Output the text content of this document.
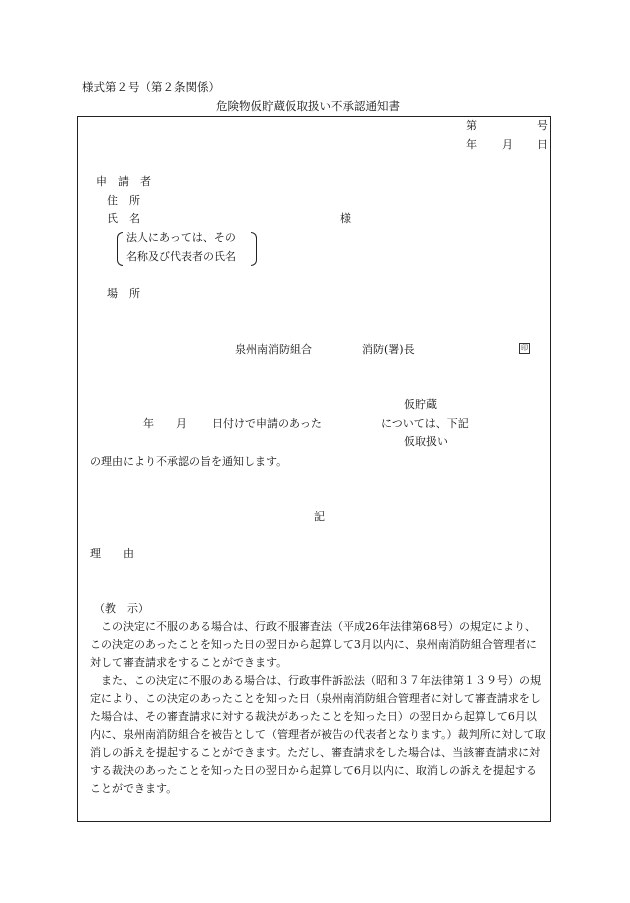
様式第２号（第２条関係）
危険物仮貯蔵仮取扱い不承認通知書
第	号
年 月 日
申　請　者
住　所
氏　名	様
法人にあっては、その
名称及び代表者の氏名
場　所
泉州南消防組合	消防(署)長	印
仮貯蔵
年 月 日付けで申請のあった	については、下記
仮取扱い
の理由により不承認の旨を通知します。
記
理　　由
（教　示）

この決定に不服のある場合は、行政不服審査法（平成26年法律第68号）の規定により、この決定のあったことを知った日の翌日から起算して3月以内に、泉州南消防組合管理者に対して審査請求をすることができます。

また、この決定に不服のある場合は、行政事件訴訟法（昭和３７年法律第１３９号）の規定により、この決定のあったことを知った日（泉州南消防組合管理者に対して審査請求をした場合は、その審査請求に対する裁決があったことを知った日）の翌日から起算して6月以内に、泉州南消防組合を被告として（管理者が被告の代表者となります。）裁判所に対して取消しの訴えを提起することができます。ただし、審査請求をした場合は、当該審査請求に対する裁決のあったことを知った日の翌日から起算して6月以内に、取消しの訴えを提起することができます。
